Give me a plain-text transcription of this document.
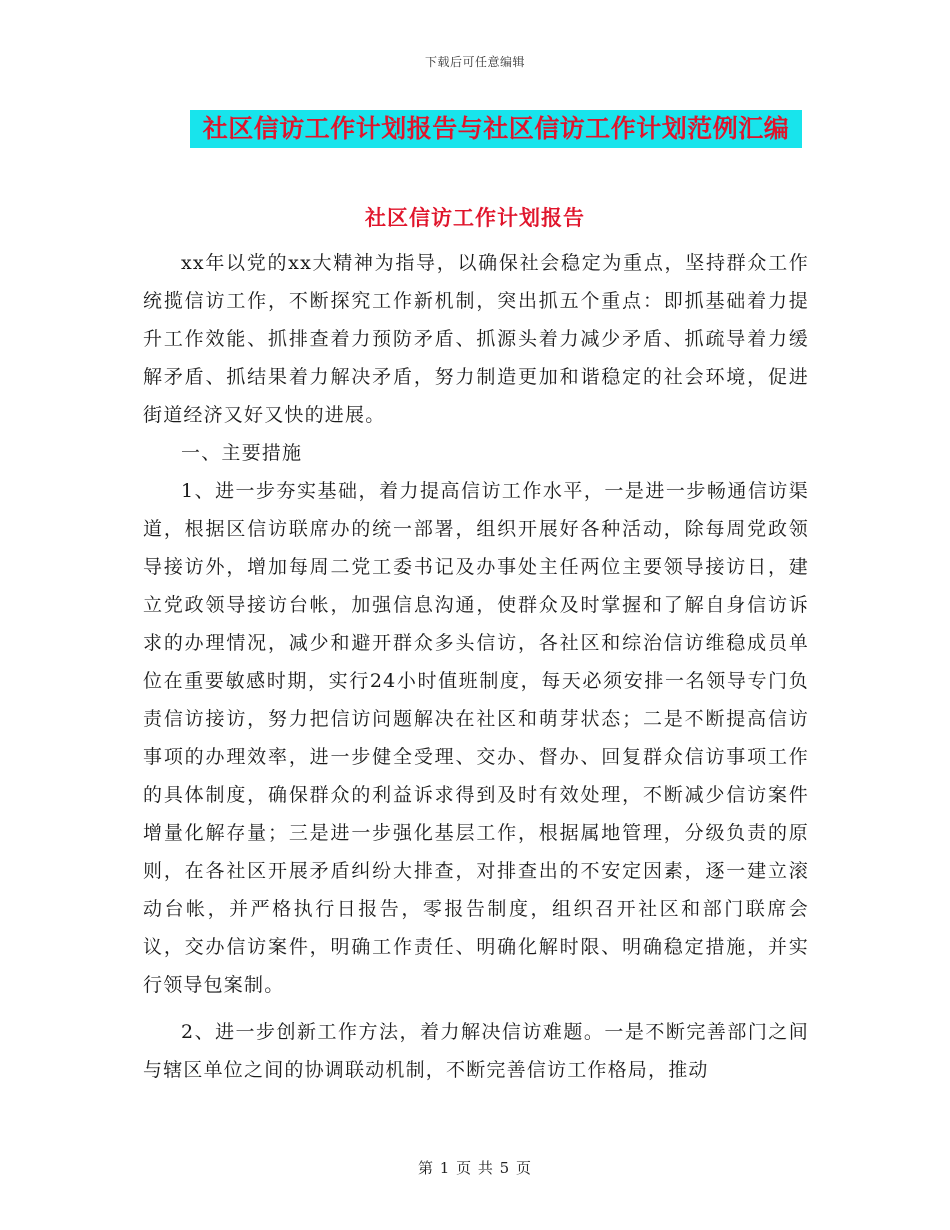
下载后可任意编辑
社区信访工作计划报告与社区信访工作计划范例汇编
社区信访工作计划报告

xx年以党的xx大精神为指导，以确保社会稳定为重点，坚持群众工作统揽信访工作，不断探究工作新机制，突出抓五个重点：即抓基础着力提升工作效能、抓排查着力预防矛盾、抓源头着力减少矛盾、抓疏导着力缓解矛盾、抓结果着力解决矛盾，努力制造更加和谐稳定的社会环境，促进街道经济又好又快的进展。

一、主要措施

1、进一步夯实基础，着力提高信访工作水平，一是进一步畅通信访渠道，根据区信访联席办的统一部署，组织开展好各种活动，除每周党政领导接访外，增加每周二党工委书记及办事处主任两位主要领导接访日，建立党政领导接访台帐，加强信息沟通，使群众及时掌握和了解自身信访诉求的办理情况，减少和避开群众多头信访，各社区和综治信访维稳成员单位在重要敏感时期，实行24小时值班制度，每天必须安排一名领导专门负责信访接访，努力把信访问题解决在社区和萌芽状态；二是不断提高信访事项的办理效率，进一步健全受理、交办、督办、回复群众信访事项工作的具体制度，确保群众的利益诉求得到及时有效处理，不断减少信访案件增量化解存量；三是进一步强化基层工作，根据属地管理，分级负责的原则，在各社区开展矛盾纠纷大排查，对排查出的不安定因素，逐一建立滚动台帐，并严格执行日报告，零报告制度，组织召开社区和部门联席会议，交办信访案件，明确工作责任、明确化解时限、明确稳定措施，并实行领导包案制。

2、进一步创新工作方法，着力解决信访难题。一是不断完善部门之间与辖区单位之间的协调联动机制，不断完善信访工作格局，推动

第 1 页 共 5 页
